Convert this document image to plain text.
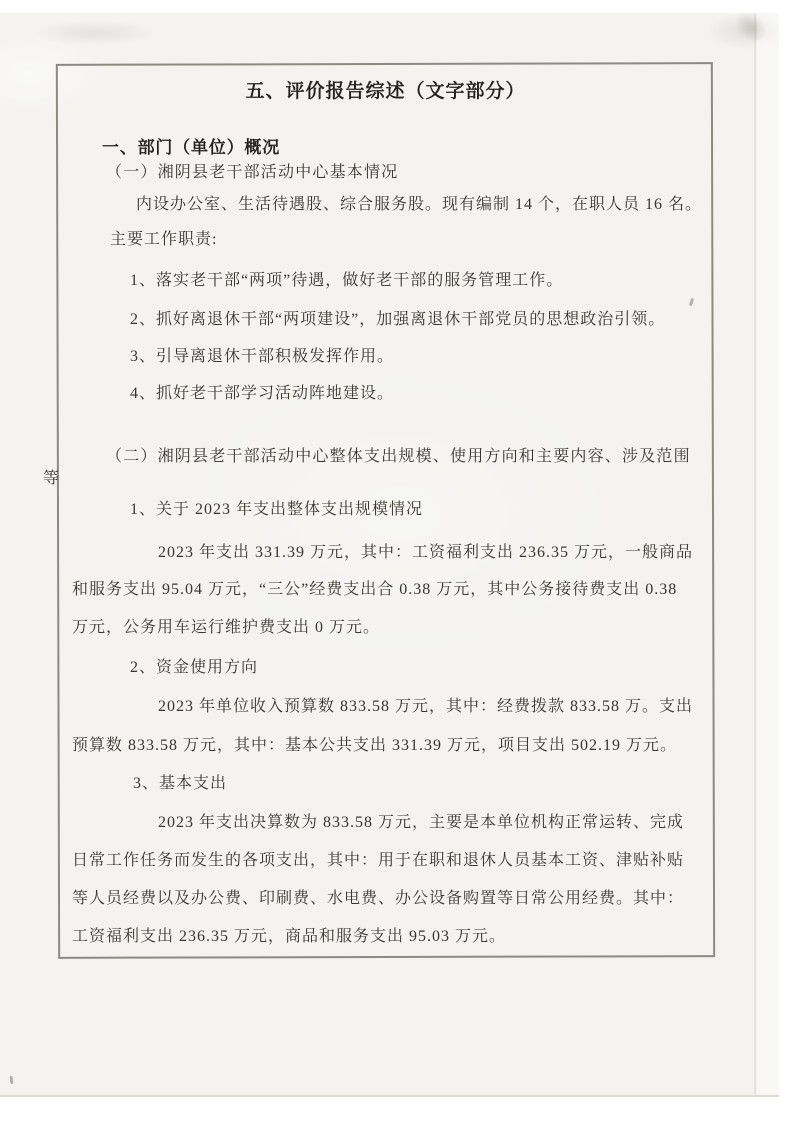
五、评价报告综述（文字部分）
一、部门（单位）概况
（一）湘阴县老干部活动中心基本情况
内设办公室、生活待遇股、综合服务股。现有编制 14 个，在职人员 16 名。
主要工作职责:
1、落实老干部“两项”待遇，做好老干部的服务管理工作。
2、抓好离退休干部“两项建设”，加强离退休干部党员的思想政治引领。
3、引导离退休干部积极发挥作用。
4、抓好老干部学习活动阵地建设。
（二）湘阴县老干部活动中心整体支出规模、使用方向和主要内容、涉及范围
等
1、关于 2023 年支出整体支出规模情况
2023 年支出 331.39 万元，其中：工资福利支出 236.35 万元，一般商品
和服务支出 95.04 万元，“三公”经费支出合 0.38 万元，其中公务接待费支出 0.38
万元，公务用车运行维护费支出 0 万元。
2、资金使用方向
2023 年单位收入预算数 833.58 万元，其中：经费拨款 833.58 万。支出
预算数 833.58 万元，其中：基本公共支出 331.39 万元，项目支出 502.19 万元。
3、基本支出
2023 年支出决算数为 833.58 万元，主要是本单位机构正常运转、完成
日常工作任务而发生的各项支出，其中：用于在职和退休人员基本工资、津贴补贴
等人员经费以及办公费、印刷费、水电费、办公设备购置等日常公用经费。其中：
工资福利支出 236.35 万元，商品和服务支出 95.03 万元。
